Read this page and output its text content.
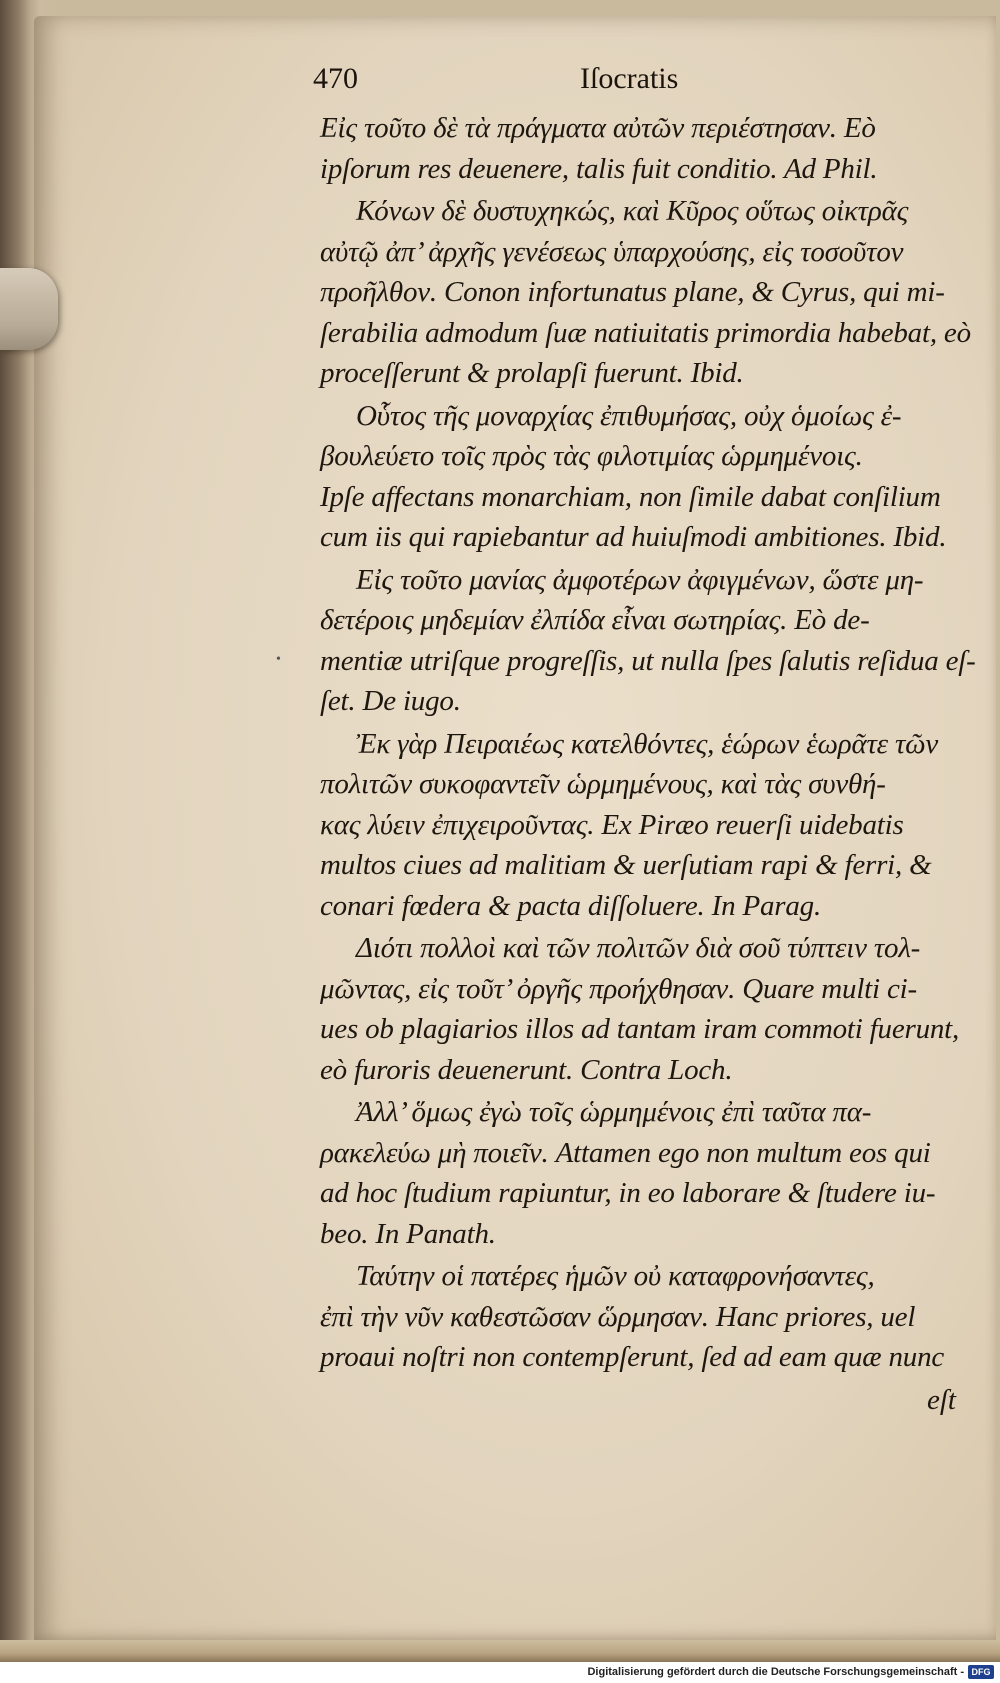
470	Iſocratis
Εἰς τοῦτο δὲ τὰ πράγματα αὐτῶν περιέστησαν. Eò
ipſorum res deuenere, talis fuit conditio. Ad Phil.
Κόνων δὲ δυστυχηκώς, καὶ Κῦρος οὕτως οἰκτρᾶς
αὐτῷ ἀπ’ ἀρχῆς γενέσεως ὑπαρχούσης, εἰς τοσοῦτον
προῆλθον. Conon infortunatus plane, & Cyrus, qui mi-
ſerabilia admodum ſuæ natiuitatis primordia habebat, eò
proceſſerunt & prolapſi fuerunt. Ibid.
Οὗτος τῆς μοναρχίας ἐπιθυμήσας, οὐχ ὁμοίως ἐ-
βουλεύετο τοῖς πρὸς τὰς φιλοτιμίας ὡρμημένοις.
Ipſe affectans monarchiam, non ſimile dabat conſilium
cum iis qui rapiebantur ad huiuſmodi ambitiones. Ibid.
Εἰς τοῦτο μανίας ἀμφοτέρων ἀφιγμένων, ὥστε μη-
δετέροις μηδεμίαν ἐλπίδα εἶναι σωτηρίας. Eò de-
mentiæ utriſque progreſſis, ut nulla ſpes ſalutis reſidua eſ-
ſet. De iugo.
Ἐκ γὰρ Πειραιέως κατελθόντες, ἑώρων ἑωρᾶτε τῶν
πολιτῶν συκοφαντεῖν ὡρμημένους, καὶ τὰς συνθή-
κας λύειν ἐπιχειροῦντας. Ex Piræo reuerſi uidebatis
multos ciues ad malitiam & uerſutiam rapi & ferri, &
conari fœdera & pacta diſſoluere. In Parag.
Διότι πολλοὶ καὶ τῶν πολιτῶν διὰ σοῦ τύπτειν τολ-
μῶντας, εἰς τοῦτ’ ὀργῆς προήχθησαν. Quare multi ci-
ues ob plagiarios illos ad tantam iram commoti fuerunt,
eò furoris deuenerunt. Contra Loch.
Ἀλλ’ ὅμως ἐγὼ τοῖς ὡρμημένοις ἐπὶ ταῦτα πα-
ρακελεύω μὴ ποιεῖν. Attamen ego non multum eos qui
ad hoc ſtudium rapiuntur, in eo laborare & ſtudere iu-
beo. In Panath.
Ταύτην οἱ πατέρες ἡμῶν οὐ καταφρονήσαντες,
ἐπὶ τὴν νῦν καθεστῶσαν ὥρμησαν. Hanc priores, uel
proaui noſtri non contempſerunt, ſed ad eam quæ nunc
eſt
•
Digitalisierung gefördert durch die Deutsche Forschungsgemeinschaft - DFG
